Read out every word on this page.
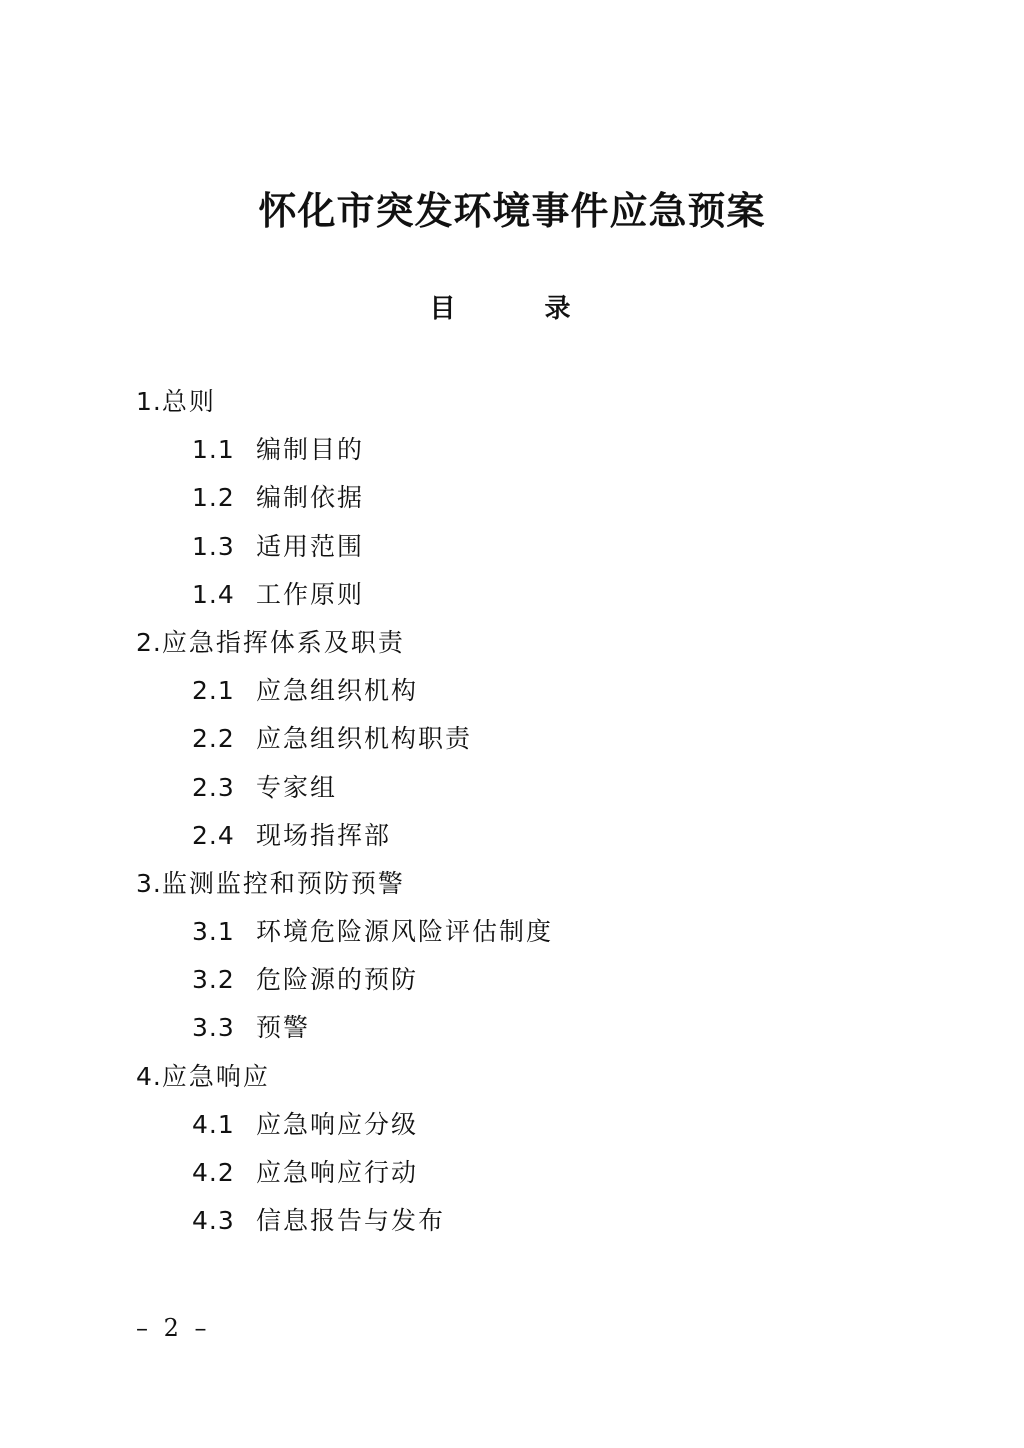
怀化市突发环境事件应急预案
目 录
1.总则
1.1 编制目的
1.2 编制依据
1.3 适用范围
1.4 工作原则
2.应急指挥体系及职责
2.1 应急组织机构
2.2 应急组织机构职责
2.3 专家组
2.4 现场指挥部
3.监测监控和预防预警
3.1 环境危险源风险评估制度
3.2 危险源的预防
3.3 预警
4.应急响应
4.1 应急响应分级
4.2 应急响应行动
4.3 信息报告与发布
– 2 –
